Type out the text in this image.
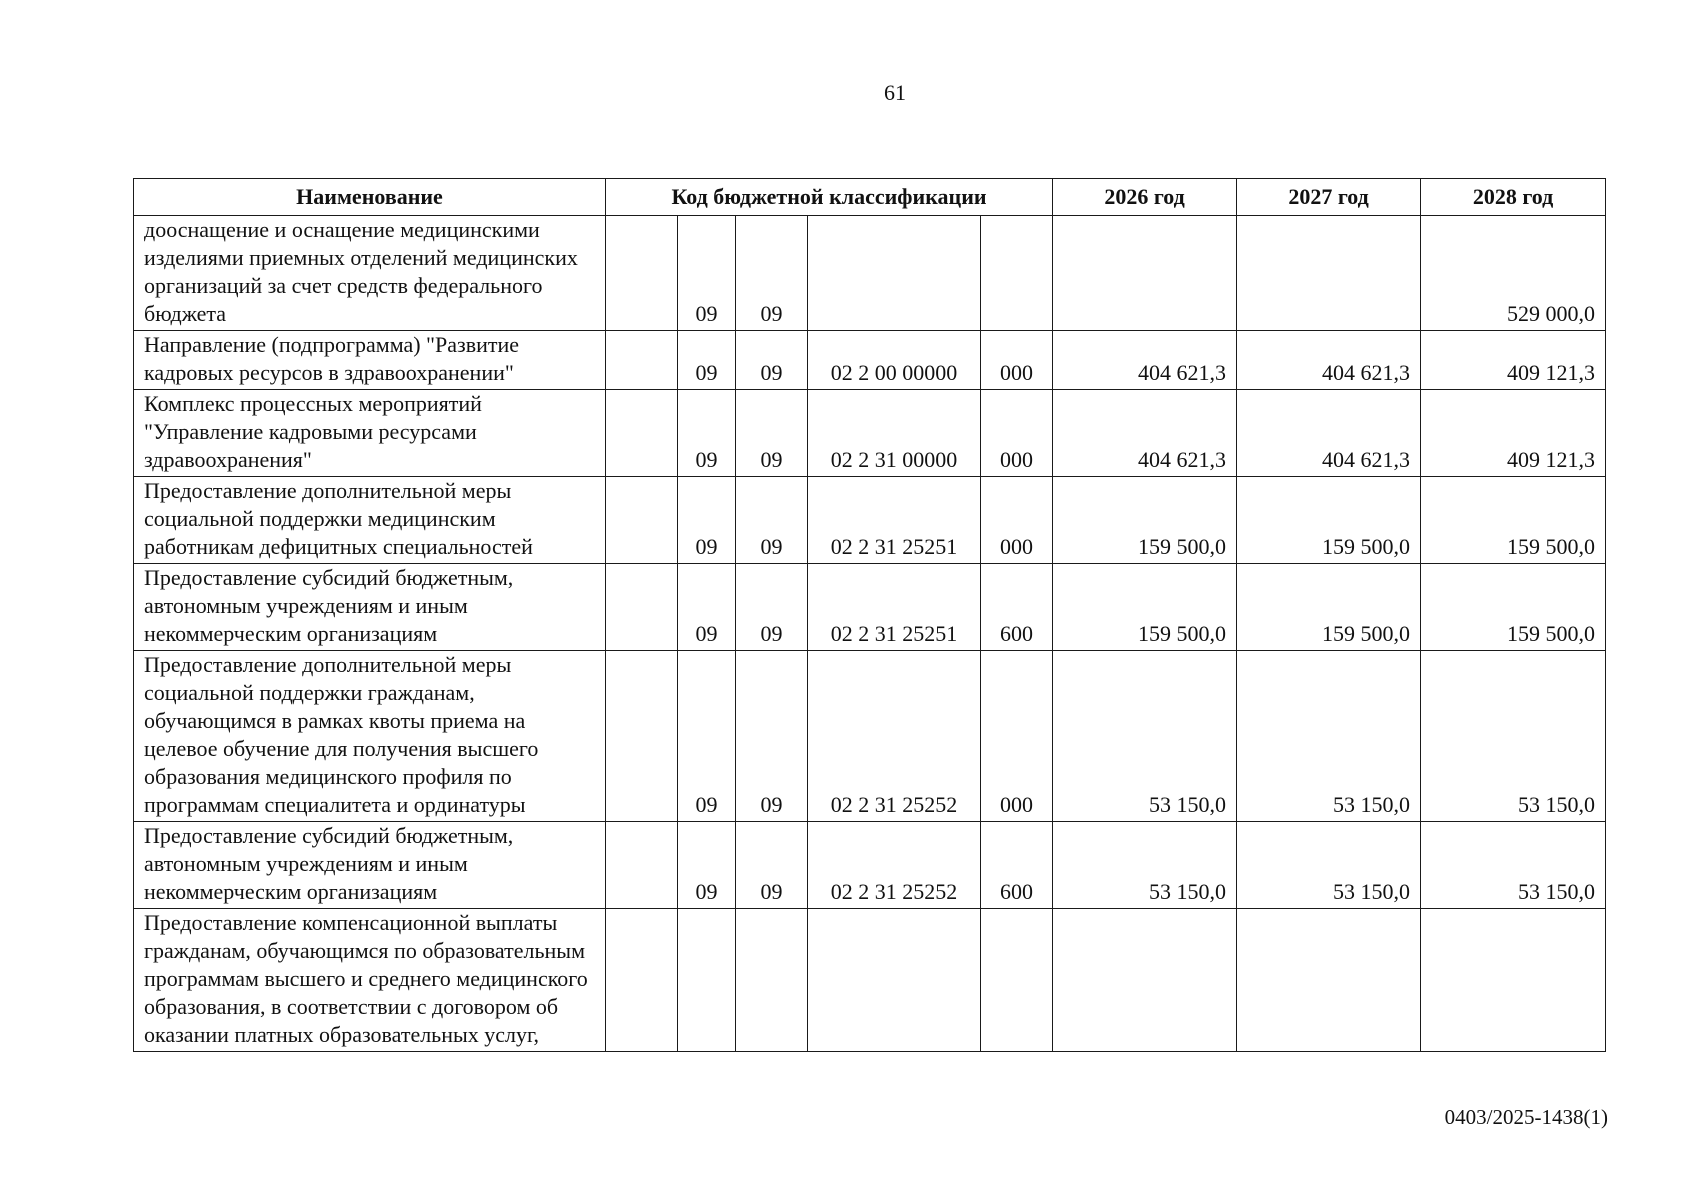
61
Наименование	Код бюджетной классификации					2026 год	2027 год	2028 год
дооснащение и оснащение медицинскими изделиями приемных отделений медицинских организаций за счет средств федерального бюджета		09	09					529 000,0
Направление (подпрограмма) "Развитие кадровых ресурсов в здравоохранении"		09	09	02 2 00 00000	000	404 621,3	404 621,3	409 121,3
Комплекс процессных мероприятий "Управление кадровыми ресурсами здравоохранения"		09	09	02 2 31 00000	000	404 621,3	404 621,3	409 121,3
Предоставление дополнительной меры социальной поддержки медицинским работникам дефицитных специальностей		09	09	02 2 31 25251	000	159 500,0	159 500,0	159 500,0
Предоставление субсидий бюджетным, автономным учреждениям и иным некоммерческим организациям		09	09	02 2 31 25251	600	159 500,0	159 500,0	159 500,0
Предоставление дополнительной меры социальной поддержки гражданам, обучающимся в рамках квоты приема на целевое обучение для получения высшего образования медицинского профиля по программам специалитета и ординатуры		09	09	02 2 31 25252	000	53 150,0	53 150,0	53 150,0
Предоставление субсидий бюджетным, автономным учреждениям и иным некоммерческим организациям		09	09	02 2 31 25252	600	53 150,0	53 150,0	53 150,0
Предоставление компенсационной выплаты гражданам, обучающимся по образовательным программам высшего и среднего медицинского образования, в соответствии с договором об оказании платных образовательных услуг,								
0403/2025-1438(1)
